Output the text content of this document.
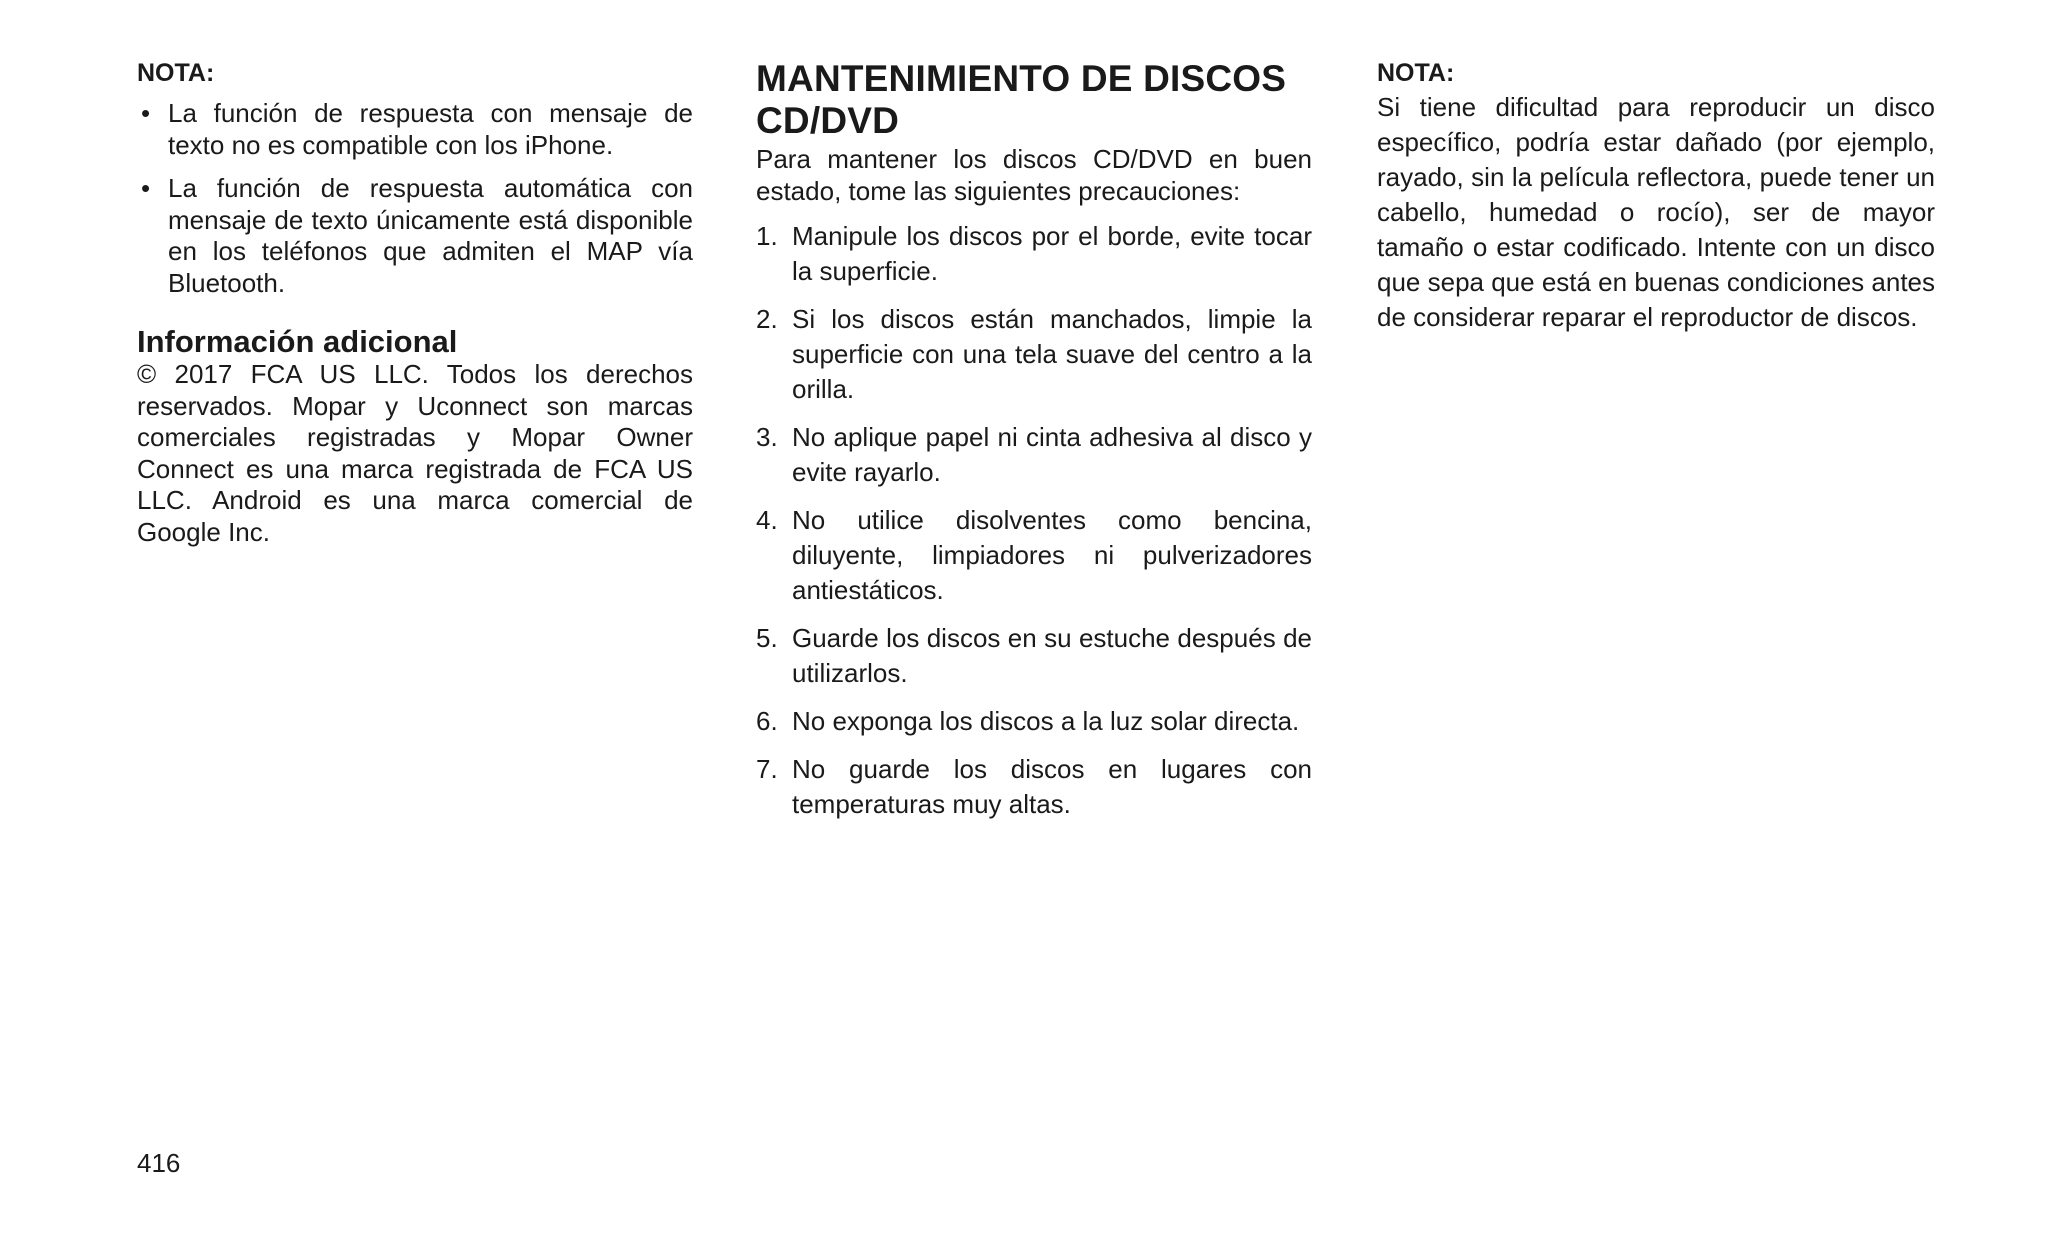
NOTA:
• La función de respuesta con mensaje de texto no es compatible con los iPhone.
• La función de respuesta automática con mensaje de texto únicamente está disponible en los teléfonos que admiten el MAP vía Bluetooth.
Información adicional

© 2017 FCA US LLC. Todos los derechos reservados. Mopar y Uconnect son marcas comerciales registradas y Mopar Owner Connect es una marca registrada de FCA US LLC. Android es una marca comercial de Google Inc.

MANTENIMIENTO DE DISCOS
CD/DVD

Para mantener los discos CD/DVD en buen estado, tome las siguientes precauciones:

1. Manipule los discos por el borde, evite tocar la superficie.
2. Si los discos están manchados, limpie la superficie con una tela suave del centro a la orilla.
3. No aplique papel ni cinta adhesiva al disco y evite rayarlo.
4. No utilice disolventes como bencina, diluyente, limpiadores ni pulverizadores antiestáticos.
5. Guarde los discos en su estuche después de utilizarlos.
6. No exponga los discos a la luz solar directa.
7. No guarde los discos en lugares con temperaturas muy altas.
NOTA:

Si tiene dificultad para reproducir un disco específico, podría estar dañado (por ejemplo, rayado, sin la película reflectora, puede tener un cabello, humedad o rocío), ser de mayor tamaño o estar codificado. Intente con un disco que sepa que está en buenas condiciones antes de considerar reparar el reproductor de discos.

416
